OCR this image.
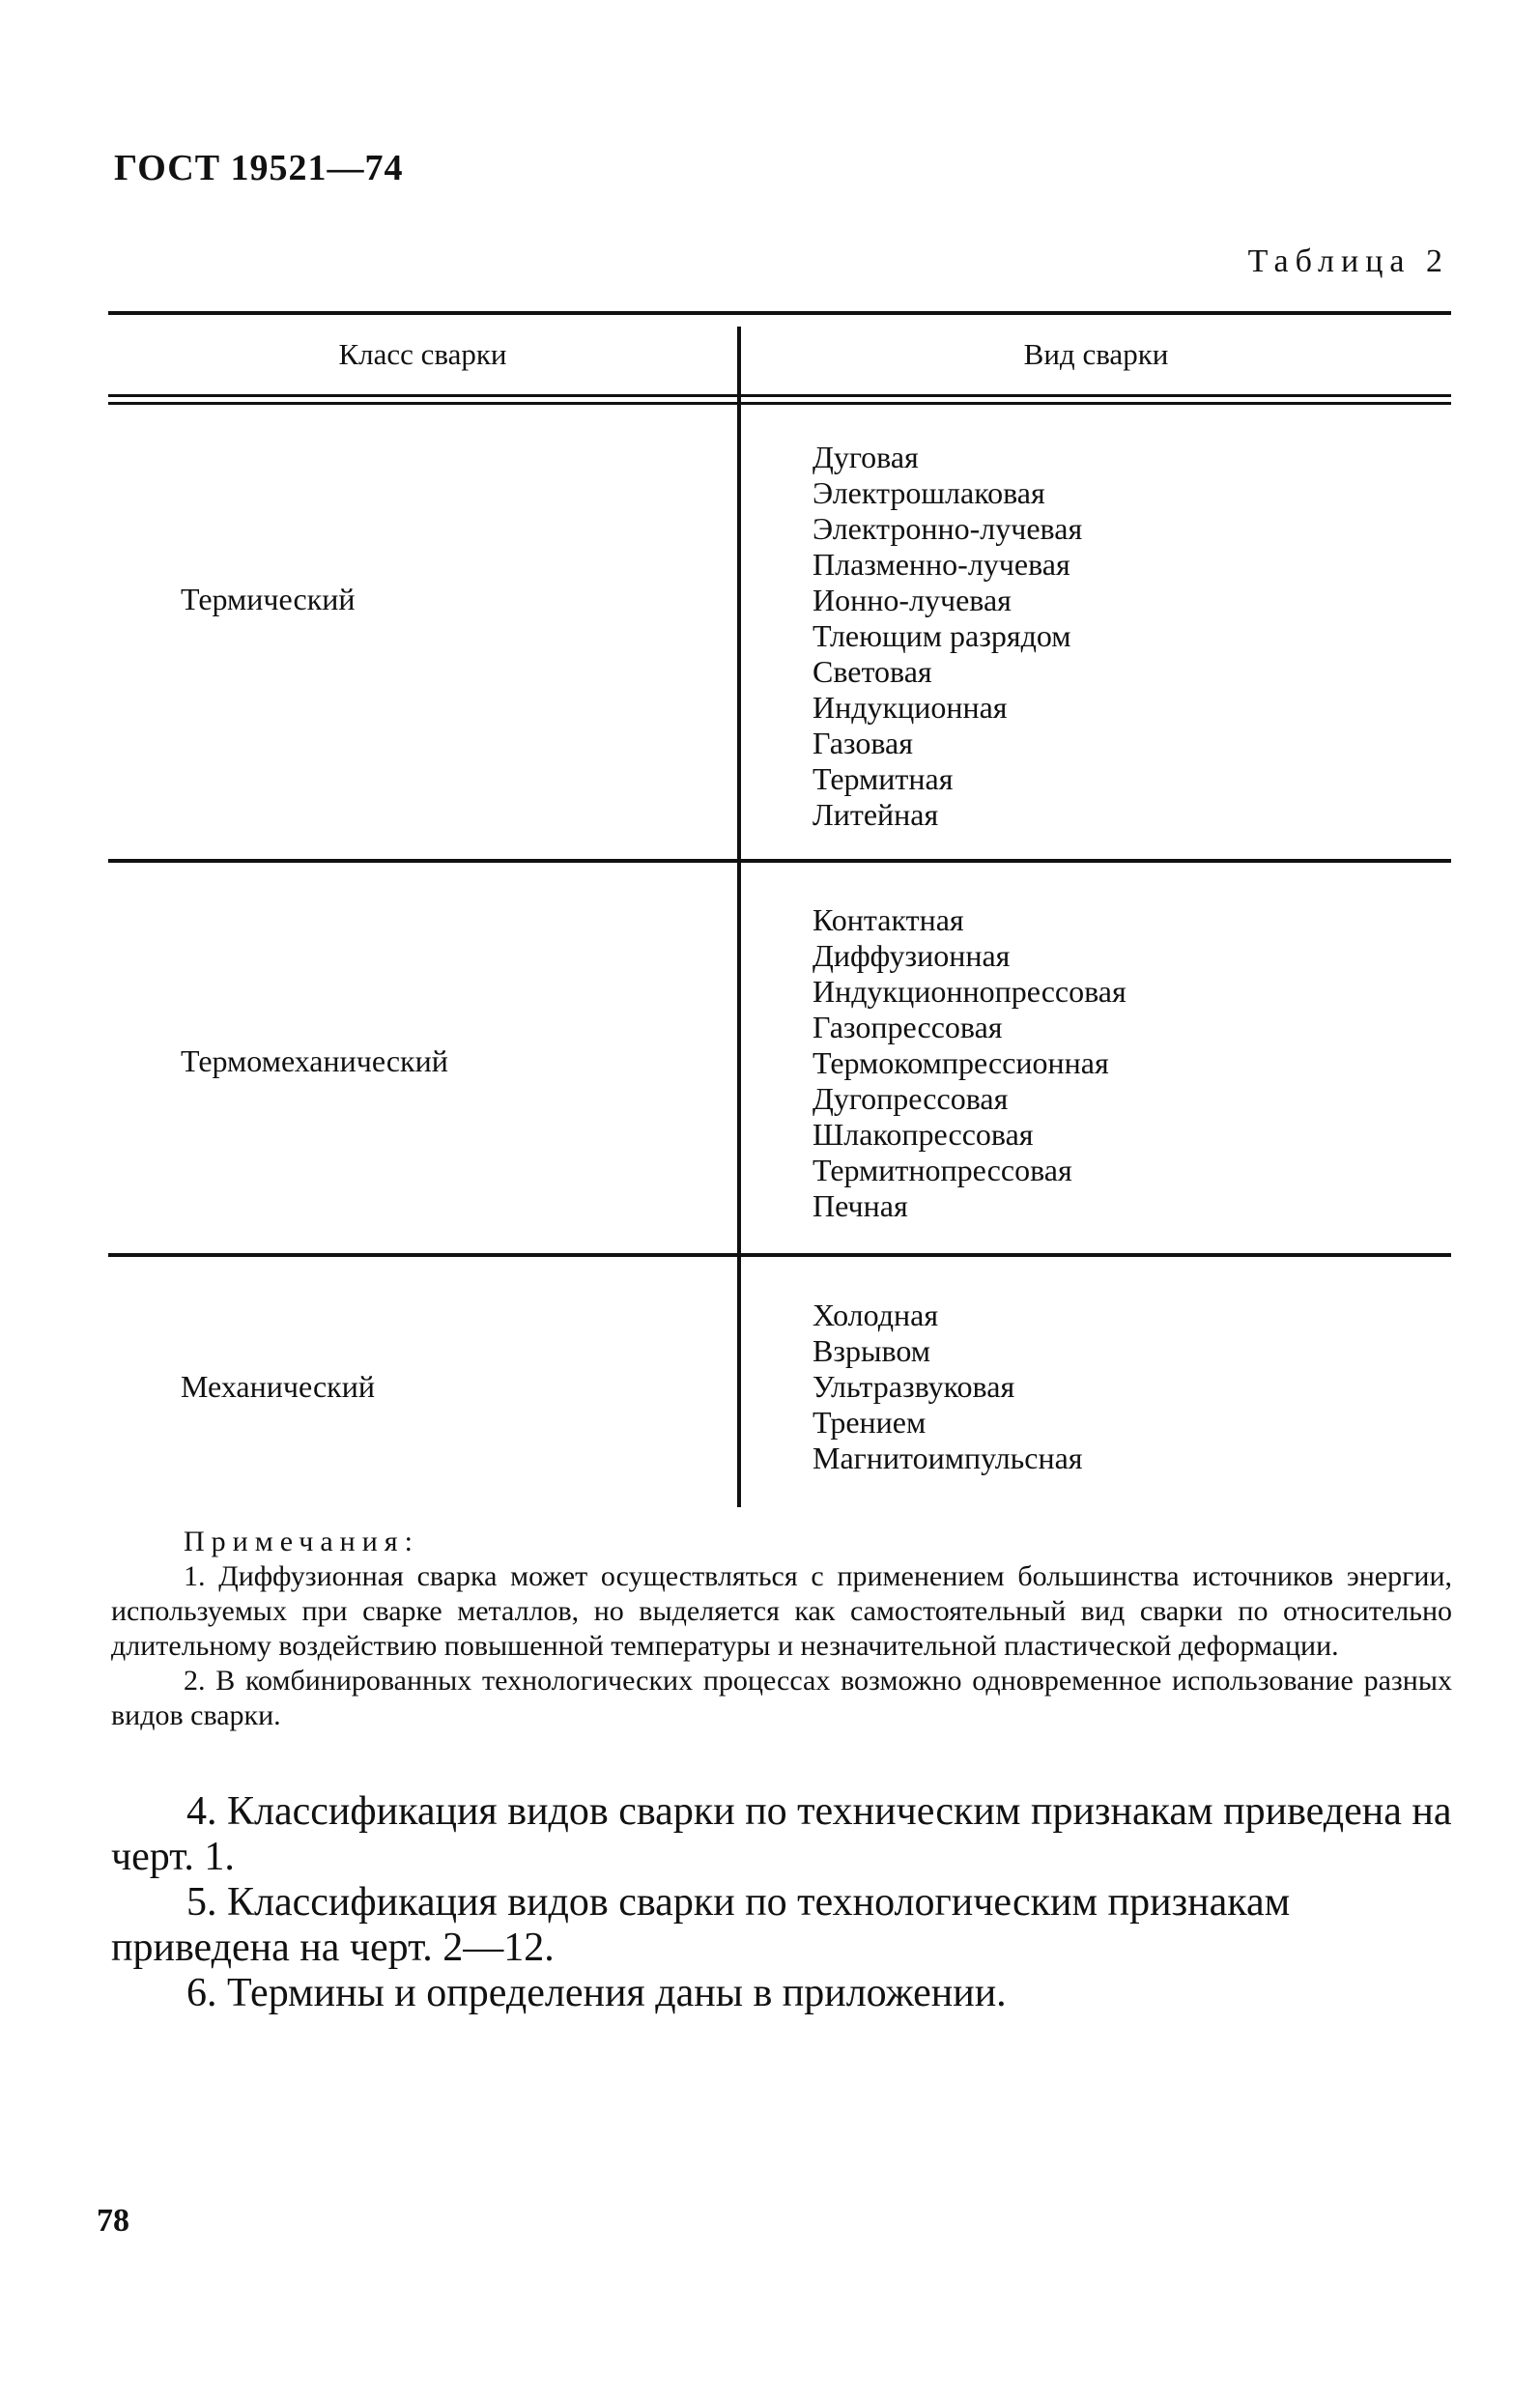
ГОСТ 19521—74
Таблица 2
Класс сварки	Вид сварки
Термический
Дуговая
Электрошлаковая
Электронно-лучевая
Плазменно-лучевая
Ионно-лучевая
Тлеющим разрядом
Световая
Индукционная
Газовая
Термитная
Литейная
Термомеханический
Контактная
Диффузионная
Индукционнопрессовая
Газопрессовая
Термокомпрессионная
Дугопрессовая
Шлакопрессовая
Термитнопрессовая
Печная
Механический
Холодная
Взрывом
Ультразвуковая
Трением
Магнитоимпульсная
Примечания:

1. Диффузионная сварка может осуществляться с применением большинства источников энергии, используемых при сварке металлов, но выделяется как самостоятельный вид сварки по относительно длительному воздействию повышенной температуры и незначительной пластической деформации.

2. В комбинированных технологических процессах возможно одновременное использование разных видов сварки.

4. Классификация видов сварки по техническим признакам приведена на черт. 1.

5. Классификация видов сварки по технологическим признакам приведена на черт. 2—12.

6. Термины и определения даны в приложении.

78
